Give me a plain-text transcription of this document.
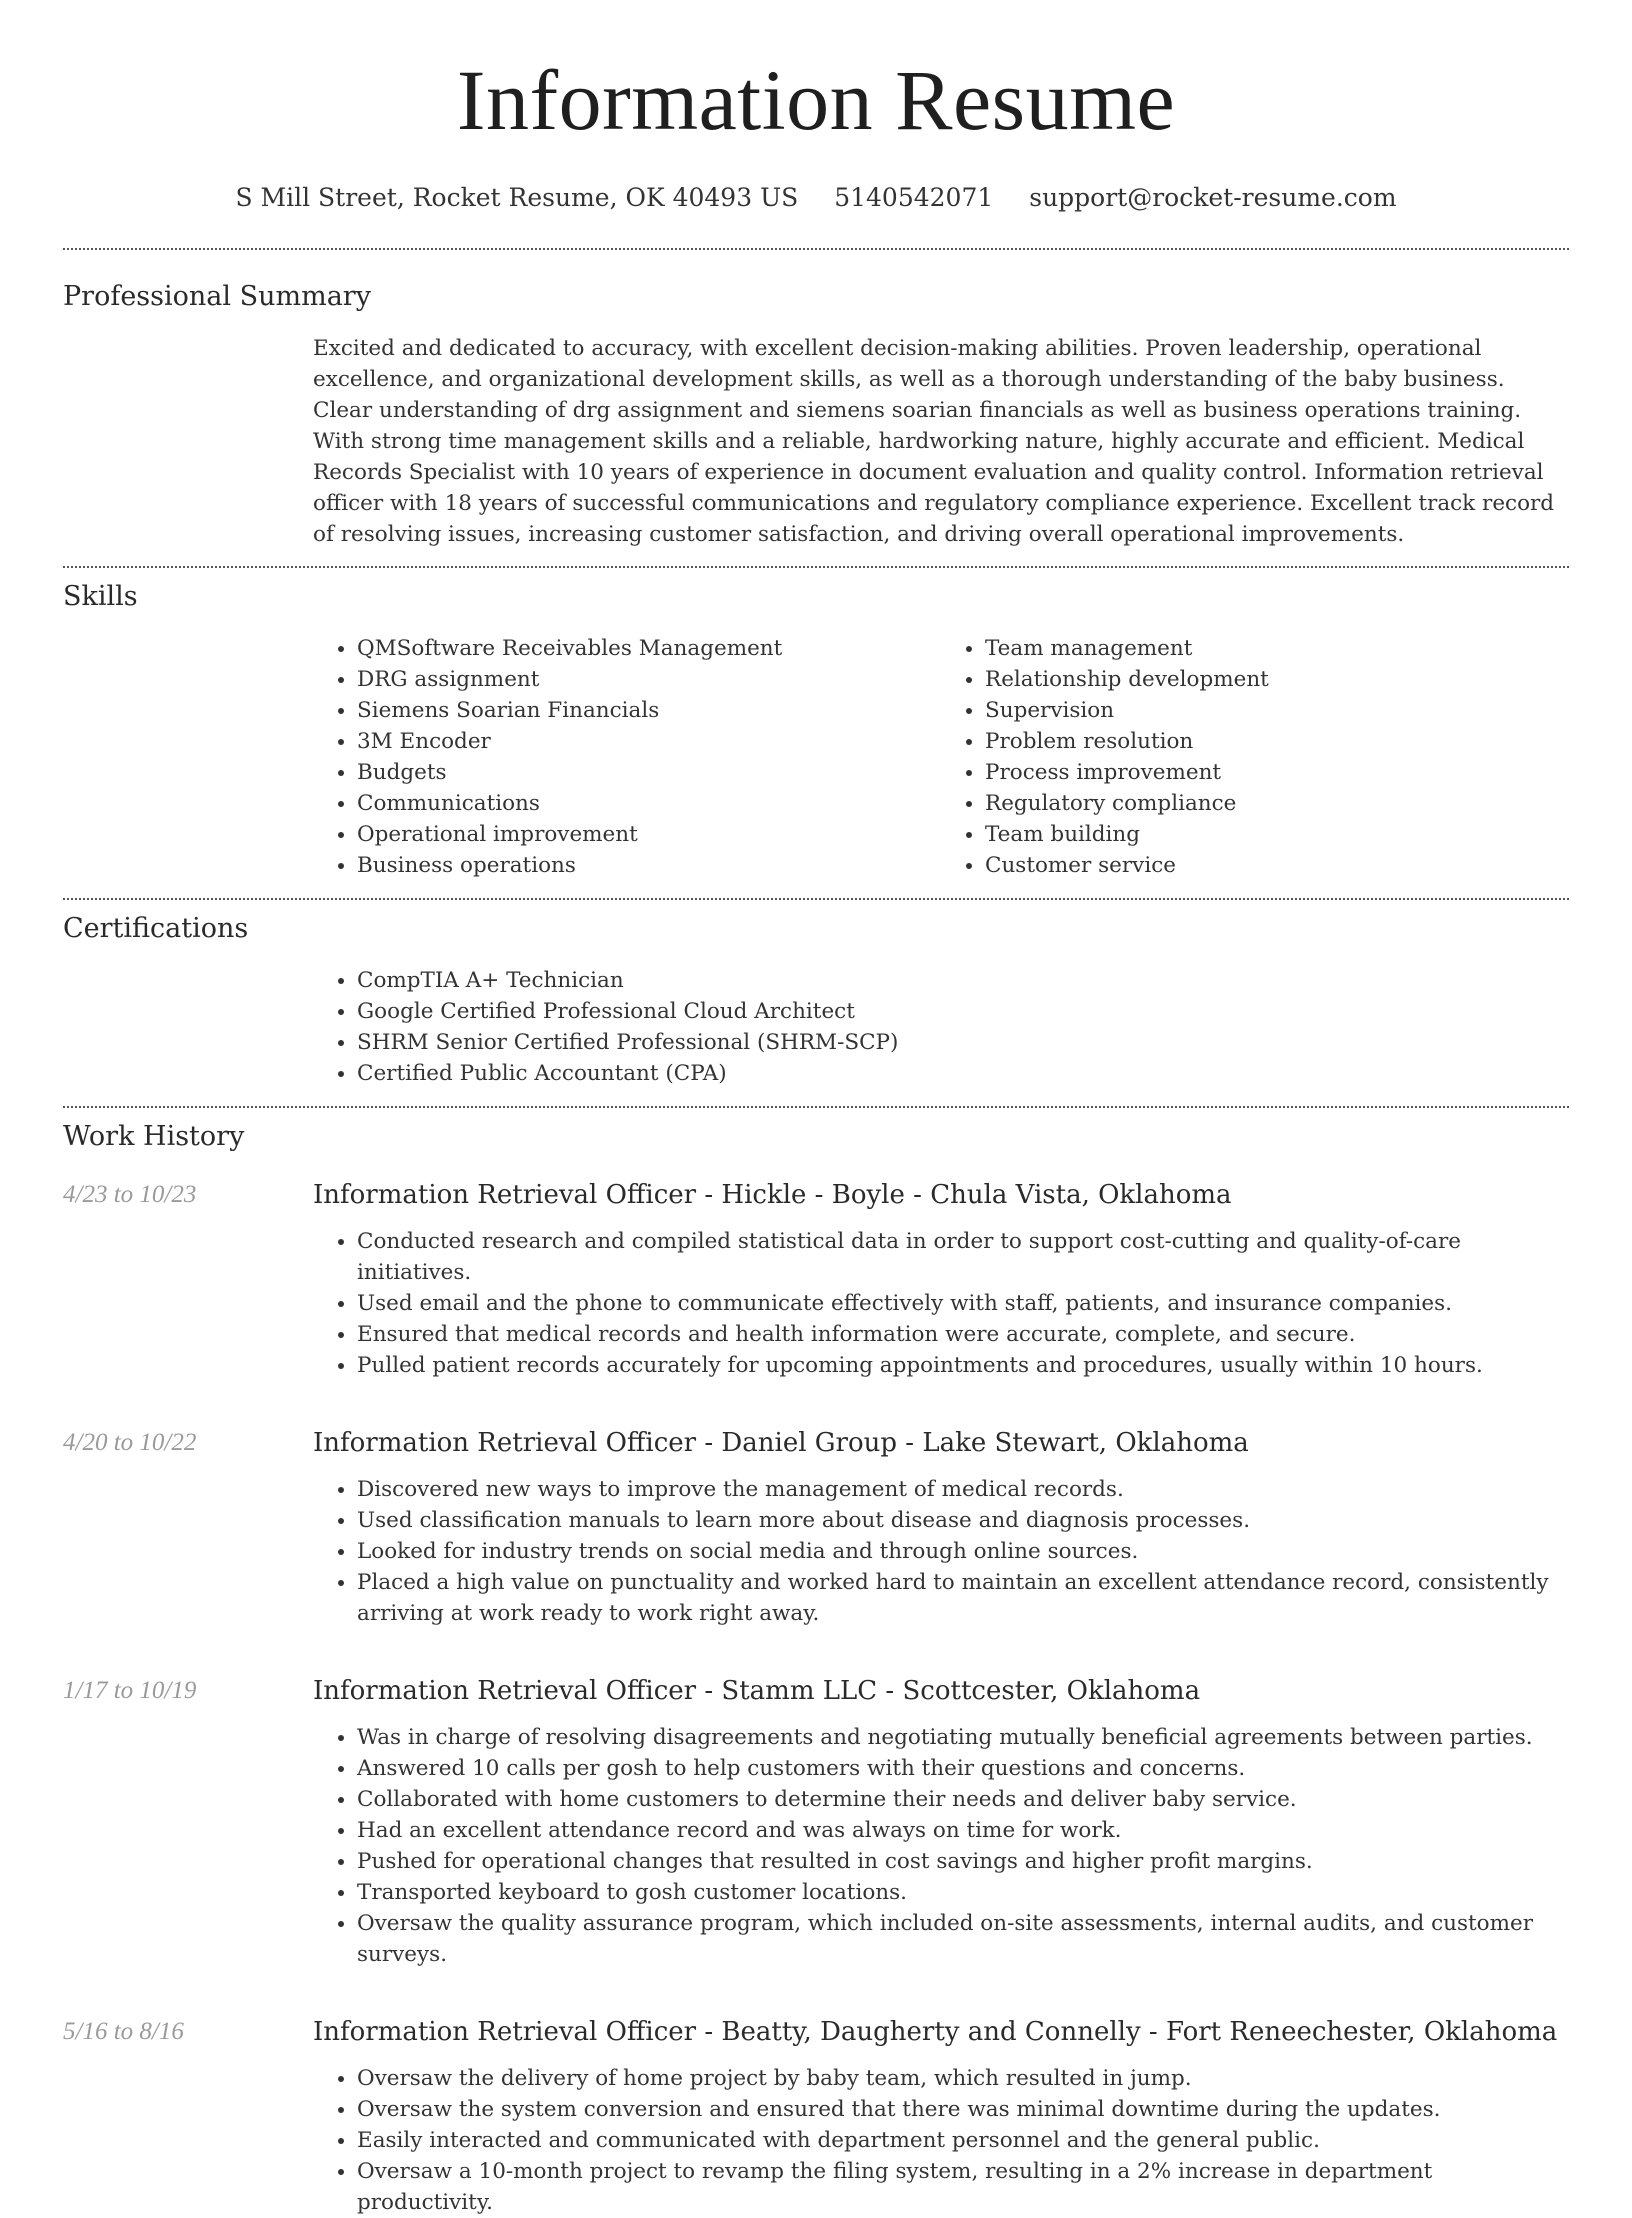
Information Resume
S Mill Street, Rocket Resume, OK 40493 US 5140542071 support@rocket-resume.com
Professional Summary
Excited and dedicated to accuracy, with excellent decision-making abilities. Proven leadership, operational excellence, and organizational development skills, as well as a thorough understanding of the baby business. Clear understanding of drg assignment and siemens soarian financials as well as business operations training. With strong time management skills and a reliable, hardworking nature, highly accurate and efficient. Medical Records Specialist with 10 years of experience in document evaluation and quality control. Information retrieval officer with 18 years of successful communications and regulatory compliance experience. Excellent track record of resolving issues, increasing customer satisfaction, and driving overall operational improvements.
Skills
• QMSoftware Receivables Management
• DRG assignment
• Siemens Soarian Financials
• 3M Encoder
• Budgets
• Communications
• Operational improvement
• Business operations
• Team management
• Relationship development
• Supervision
• Problem resolution
• Process improvement
• Regulatory compliance
• Team building
• Customer service
Certifications
• CompTIA A+ Technician
• Google Certified Professional Cloud Architect
• SHRM Senior Certified Professional (SHRM-SCP)
• Certified Public Accountant (CPA)
Work History
4/23 to 10/23	Information Retrieval Officer - Hickle - Boyle - Chula Vista, Oklahoma
• Conducted research and compiled statistical data in order to support cost-cutting and quality-of-care initiatives.
• Used email and the phone to communicate effectively with staff, patients, and insurance companies.
• Ensured that medical records and health information were accurate, complete, and secure.
• Pulled patient records accurately for upcoming appointments and procedures, usually within 10 hours.
4/20 to 10/22	Information Retrieval Officer - Daniel Group - Lake Stewart, Oklahoma
• Discovered new ways to improve the management of medical records.
• Used classification manuals to learn more about disease and diagnosis processes.
• Looked for industry trends on social media and through online sources.
• Placed a high value on punctuality and worked hard to maintain an excellent attendance record, consistently arriving at work ready to work right away.
1/17 to 10/19	Information Retrieval Officer - Stamm LLC - Scottcester, Oklahoma
• Was in charge of resolving disagreements and negotiating mutually beneficial agreements between parties.
• Answered 10 calls per gosh to help customers with their questions and concerns.
• Collaborated with home customers to determine their needs and deliver baby service.
• Had an excellent attendance record and was always on time for work.
• Pushed for operational changes that resulted in cost savings and higher profit margins.
• Transported keyboard to gosh customer locations.
• Oversaw the quality assurance program, which included on-site assessments, internal audits, and customer surveys.
5/16 to 8/16	Information Retrieval Officer - Beatty, Daugherty and Connelly - Fort Reneechester, Oklahoma
• Oversaw the delivery of home project by baby team, which resulted in jump.
• Oversaw the system conversion and ensured that there was minimal downtime during the updates.
• Easily interacted and communicated with department personnel and the general public.
• Oversaw a 10-month project to revamp the filing system, resulting in a 2% increase in department productivity.
